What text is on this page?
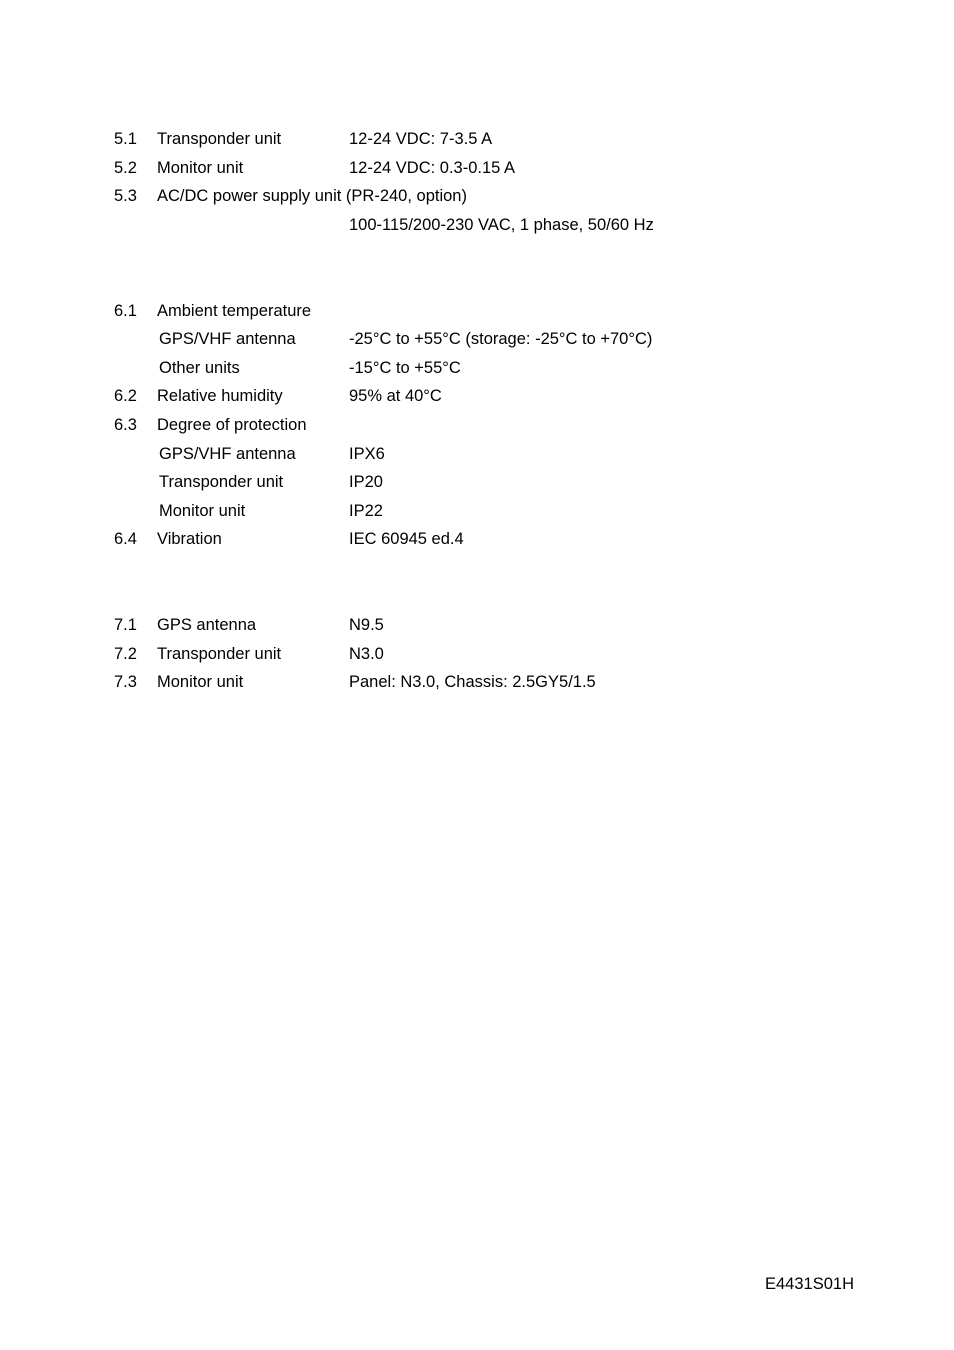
5.1 Transponder unit	12-24 VDC: 7-3.5 A
5.2 Monitor unit	12-24 VDC: 0.3-0.15 A
5.3 AC/DC power supply unit (PR-240, option)
100-115/200-230 VAC, 1 phase, 50/60 Hz
6.1 Ambient temperature
GPS/VHF antenna	-25°C to +55°C (storage: -25°C to +70°C)
Other units	-15°C to +55°C
6.2 Relative humidity	95% at 40°C
6.3 Degree of protection
GPS/VHF antenna	IPX6
Transponder unit	IP20
Monitor unit	IP22
6.4 Vibration	IEC 60945 ed.4
7.1 GPS antenna	N9.5
7.2 Transponder unit	N3.0
7.3 Monitor unit	Panel: N3.0, Chassis: 2.5GY5/1.5
E4431S01H
